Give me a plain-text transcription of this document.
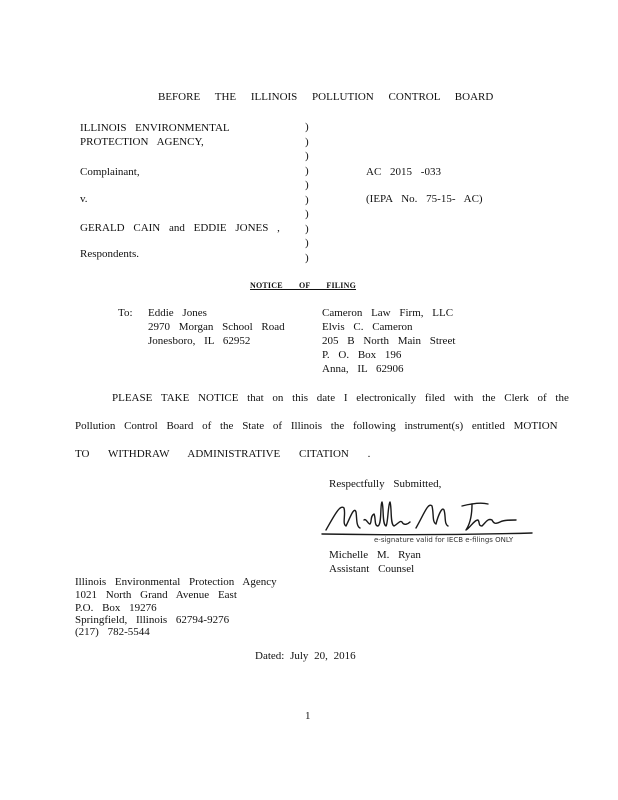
BEFORE THE ILLINOIS POLLUTION CONTROL BOARD
ILLINOIS ENVIRONMENTAL
PROTECTION AGENCY,
Complainant,
v.
GERALD CAIN and EDDIE JONES ,
Respondents.
)
)
)
)
)
)
)
)
)
)
AC 2015 -033
(IEPA No. 75-15- AC)
NOTICE OF FILING
To: Eddie Jones
2970 Morgan School Road
Jonesboro, IL 62952
Cameron Law Firm, LLC
Elvis C. Cameron
205 B North Main Street
P. O. Box 196
Anna, IL 62906
PLEASE TAKE NOTICE that on this date I electronically filed with the Clerk of the
Pollution Control Board of the State of Illinois the following instrument(s) entitled MOTION
TO WITHDRAW ADMINISTRATIVE CITATION .
Respectfully Submitted,
e-signature valid for IECB e-filings ONLY
Michelle M. Ryan
Assistant Counsel
Illinois Environmental Protection Agency
1021 North Grand Avenue East
P.O. Box 19276
Springfield, Illinois 62794-9276
(217) 782-5544
Dated: July 20, 2016
1
